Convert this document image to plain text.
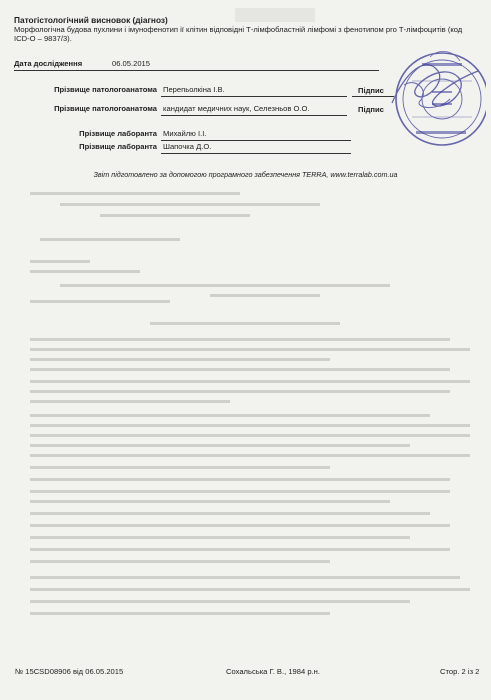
Патогістологічний висновок (діагноз)
Морфологічна будова пухлини і імунофенотип ії клітин відповідні Т-лімфобластній лімфомі з фенотипом pro Т-лімфоцитів (код ICD-O – 9837/3).
Дата дослідження	06.05.2015
Прізвище патологоанатома Перепьолкіна І.В.	Підпис
Прізвище патологоанатома кандидат медичних наук, Селезньов О.О.	Підпис
Прізвище лаборанта Михайлю І.І.
Прізвище лаборанта Шапочка Д.О.
Звіт підготовлено за допомогою програмного забезпечення TERRA, www.terralab.com.ua
№ 15CSD08906 від 06.05.2015	Сохальська Г. В., 1984 р.н.	Стор. 2 із 2
